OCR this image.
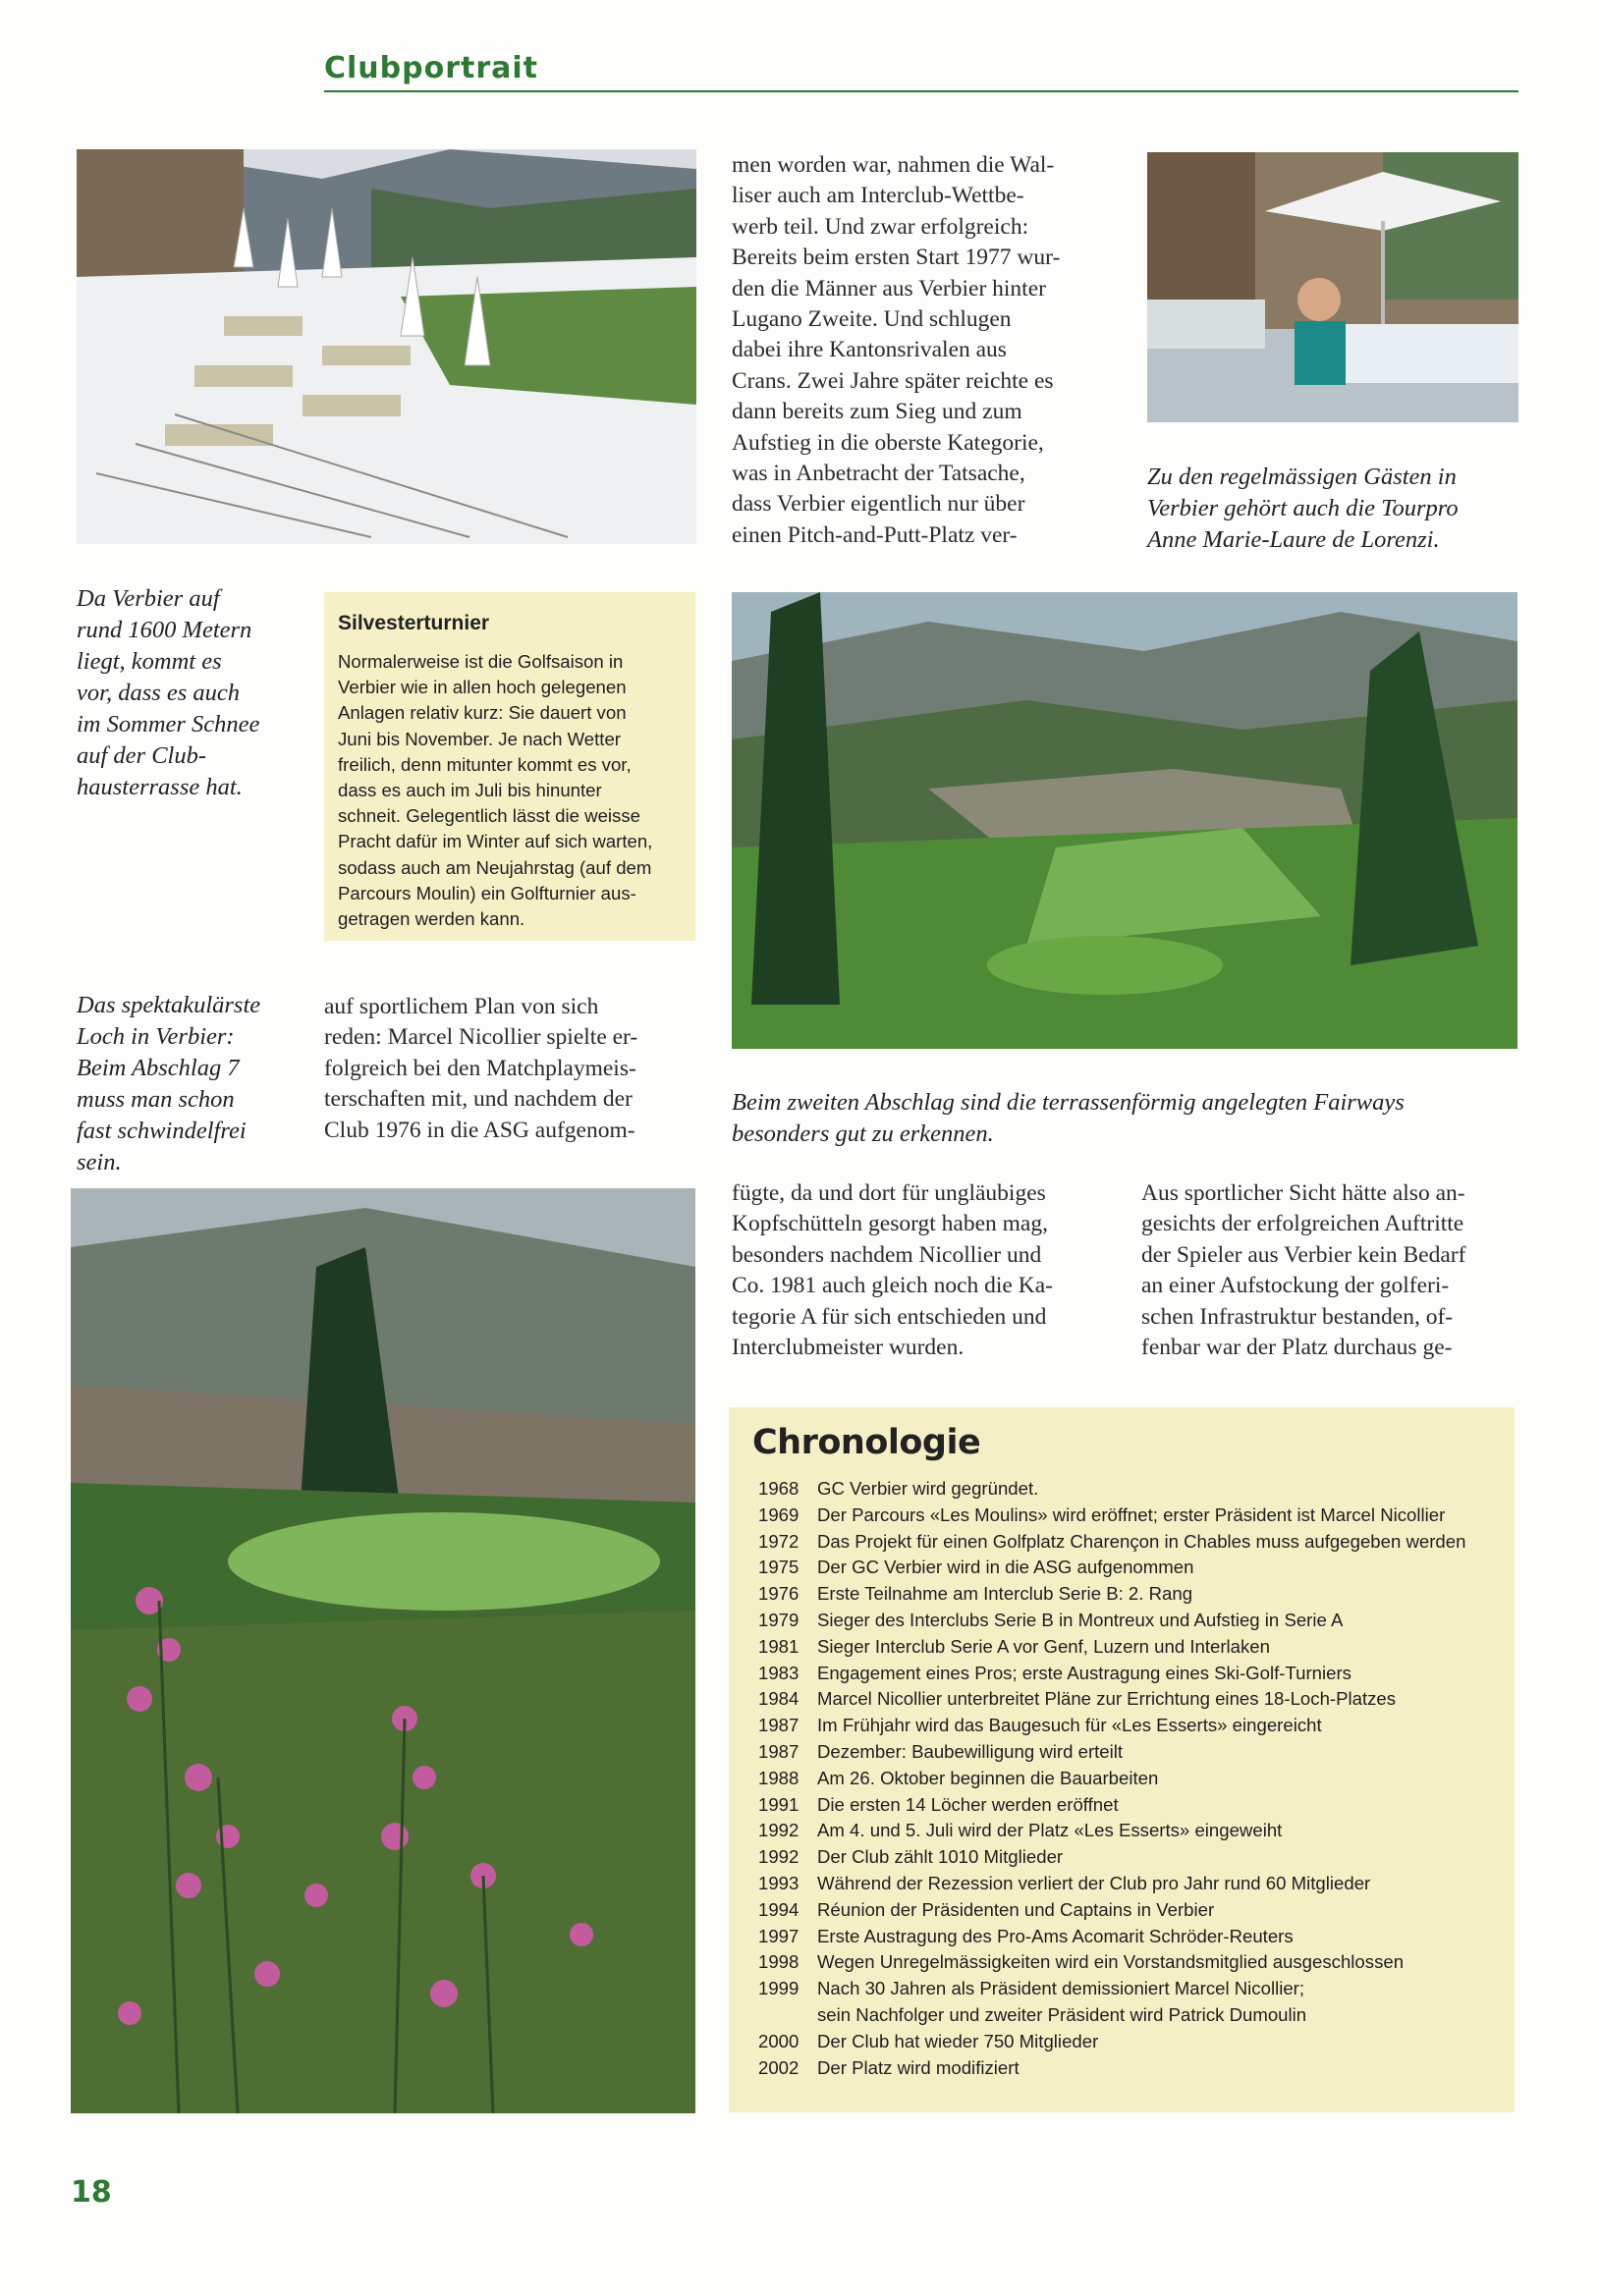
Clubportrait
men worden war, nahmen die Wal-
liser auch am Interclub-Wettbe-
werb teil. Und zwar erfolgreich:
Bereits beim ersten Start 1977 wur-
den die Männer aus Verbier hinter
Lugano Zweite. Und schlugen
dabei ihre Kantonsrivalen aus
Crans. Zwei Jahre später reichte es
dann bereits zum Sieg und zum
Aufstieg in die oberste Kategorie,
was in Anbetracht der Tatsache,
dass Verbier eigentlich nur über
einen Pitch-and-Putt-Platz ver-
Zu den regelmässigen Gästen in
Verbier gehört auch die Tourpro
Anne Marie-Laure de Lorenzi.
Da Verbier auf
rund 1600 Metern
liegt, kommt es
vor, dass es auch
im Sommer Schnee
auf der Club-
hausterrasse hat.
Silvesterturnier

Normalerweise ist die Golfsaison in
Verbier wie in allen hoch gelegenen
Anlagen relativ kurz: Sie dauert von
Juni bis November. Je nach Wetter
freilich, denn mitunter kommt es vor,
dass es auch im Juli bis hinunter
schneit. Gelegentlich lässt die weisse
Pracht dafür im Winter auf sich warten,
sodass auch am Neujahrstag (auf dem
Parcours Moulin) ein Golfturnier aus-
getragen werden kann.

Beim zweiten Abschlag sind die terrassenförmig angelegten Fairways
besonders gut zu erkennen.
Das spektakulärste
Loch in Verbier:
Beim Abschlag 7
muss man schon
fast schwindelfrei
sein.
auf sportlichem Plan von sich
reden: Marcel Nicollier spielte er-
folgreich bei den Matchplaymeis-
terschaften mit, und nachdem der
Club 1976 in die ASG aufgenom-
fügte, da und dort für ungläubiges
Kopfschütteln gesorgt haben mag,
besonders nachdem Nicollier und
Co. 1981 auch gleich noch die Ka-
tegorie A für sich entschieden und
Interclubmeister wurden.
Aus sportlicher Sicht hätte also an-
gesichts der erfolgreichen Auftritte
der Spieler aus Verbier kein Bedarf
an einer Aufstockung der golferi-
schen Infrastruktur bestanden, of-
fenbar war der Platz durchaus ge-
Chronologie
1968	GC Verbier wird gegründet.
1969	Der Parcours «Les Moulins» wird eröffnet; erster Präsident ist Marcel Nicollier
1972	Das Projekt für einen Golfplatz Charençon in Chables muss aufgegeben werden
1975	Der GC Verbier wird in die ASG aufgenommen
1976	Erste Teilnahme am Interclub Serie B: 2. Rang
1979	Sieger des Interclubs Serie B in Montreux und Aufstieg in Serie A
1981	Sieger Interclub Serie A vor Genf, Luzern und Interlaken
1983	Engagement eines Pros; erste Austragung eines Ski-Golf-Turniers
1984	Marcel Nicollier unterbreitet Pläne zur Errichtung eines 18-Loch-Platzes
1987	Im Frühjahr wird das Baugesuch für «Les Esserts» eingereicht
1987	Dezember: Baubewilligung wird erteilt
1988	Am 26. Oktober beginnen die Bauarbeiten
1991	Die ersten 14 Löcher werden eröffnet
1992	Am 4. und 5. Juli wird der Platz «Les Esserts» eingeweiht
1992	Der Club zählt 1010 Mitglieder
1993	Während der Rezession verliert der Club pro Jahr rund 60 Mitglieder
1994	Réunion der Präsidenten und Captains in Verbier
1997	Erste Austragung des Pro-Ams Acomarit Schröder-Reuters
1998	Wegen Unregelmässigkeiten wird ein Vorstandsmitglied ausgeschlossen
1999	Nach 30 Jahren als Präsident demissioniert Marcel Nicollier;
sein Nachfolger und zweiter Präsident wird Patrick Dumoulin
2000	Der Club hat wieder 750 Mitglieder
2002	Der Platz wird modifiziert
18
